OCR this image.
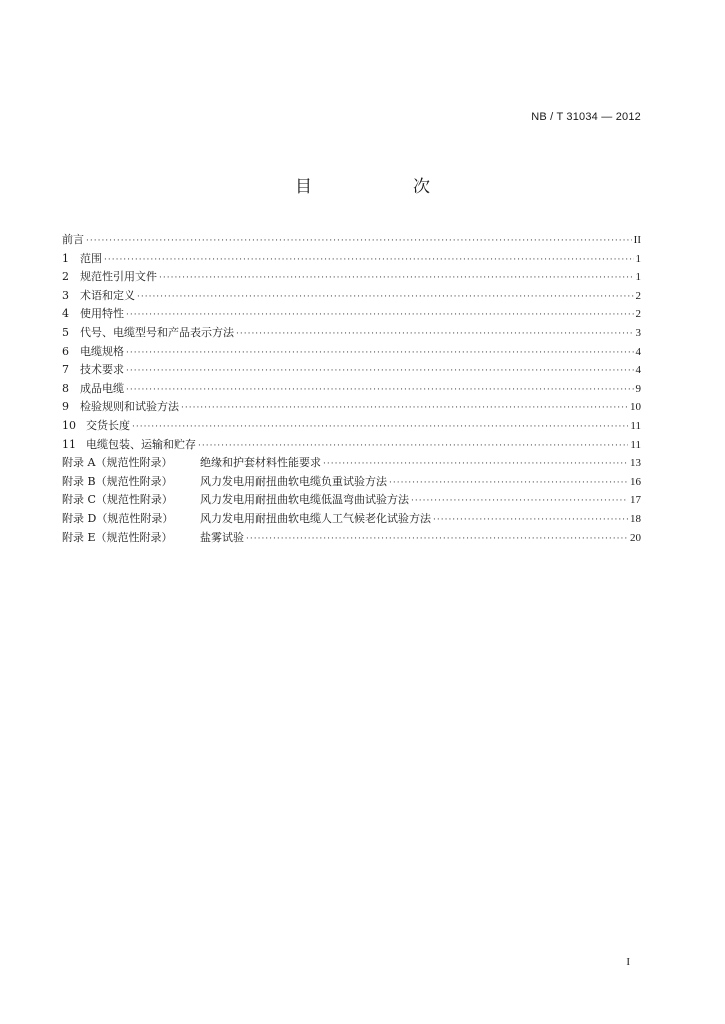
NB / T 31034 — 2012
目　次
前言 ·····	II
1	范围 ·····	1
2	规范性引用文件 ·····	1
3	术语和定义 ·····	2
4	使用特性 ·····	2
5	代号、电缆型号和产品表示方法 ·····	3
6	电缆规格 ·····	4
7	技术要求 ·····	4
8	成品电缆 ·····	9
9	检验规则和试验方法 ·····	10
10 交货长度 ·····	11
11 电缆包装、运输和贮存 ·····	11
附录 A（规范性附录）	绝缘和护套材料性能要求 ·····	13
附录 B（规范性附录）	风力发电用耐扭曲软电缆负重试验方法 ·····	16
附录 C（规范性附录）	风力发电用耐扭曲软电缆低温弯曲试验方法 ·····	17
附录 D（规范性附录）	风力发电用耐扭曲软电缆人工气候老化试验方法 ·····	18
附录 E（规范性附录）	盐雾试验 ·····	20
I
